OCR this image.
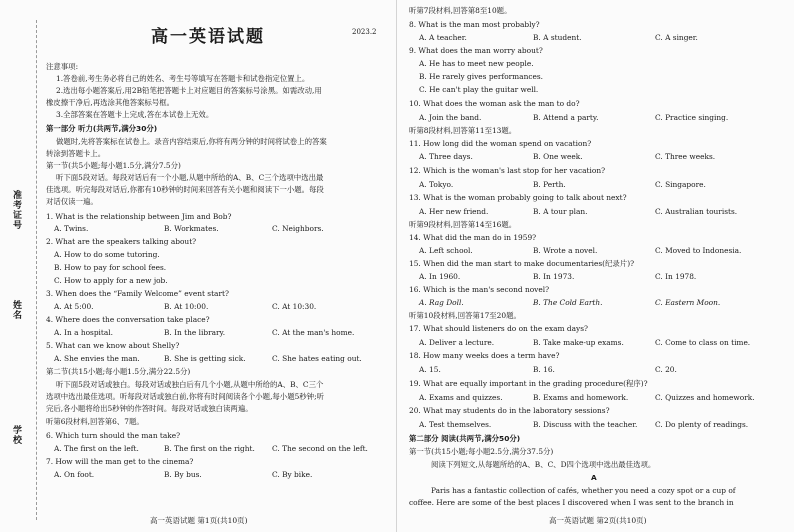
准考证号
姓名
学校
高一英语试题	2023.2
注意事项:
1.答卷前,考生务必将自己的姓名、考生号等填写在答题卡和试卷指定位置上。
2.选出每小题答案后,用2B铅笔把答题卡上对应题目的答案标号涂黑。如需改动,用
橡皮擦干净后,再选涂其他答案标号框。
3.全部答案在答题卡上完成,答在本试卷上无效。
第一部分 听力(共两节,满分30分)
做题时,先将答案标在试卷上。录音内容结束后,你将有两分钟的时间将试卷上的答案
转涂到答题卡上。
第一节(共5小题;每小题1.5分,满分7.5分)
听下面5段对话。每段对话后有一个小题,从题中所给的A、B、C三个选项中选出最
佳选项。听完每段对话后,你都有10秒钟的时间来回答有关小题和阅读下一小题。每段
对话仅读一遍。
1. What is the relationship between Jim and Bob?
A. Twins.	B. Workmates.	C. Neighbors.
2. What are the speakers talking about?
A. How to do some tutoring.
B. How to pay for school fees.
C. How to apply for a new job.
3. When does the “Family Welcome” event start?
A. At 5:00.	B. At 10:00.	C. At 10:30.
4. Where does the conversation take place?
A. In a hospital.	B. In the library.	C. At the man's home.
5. What can we know about Shelly?
A. She envies the man.	B. She is getting sick.	C. She hates eating out.
第二节(共15小题;每小题1.5分,满分22.5分)
听下面5段对话或独白。每段对话或独白后有几个小题,从题中所给的A、B、C三个
选项中选出最佳选项。听每段对话或独白前,你将有时间阅读各个小题,每小题5秒钟;听
完后,各小题将给出5秒钟的作答时间。每段对话或独白读两遍。
听第6段材料,回答第6、7题。
6. Which turn should the man take?
A. The first on the left.	B. The first on the right. C. The second on the left.
7. How will the man get to the cinema?
A. On foot.	B. By bus.	C. By bike.
高一英语试题 第1页(共10页)
听第7段材料,回答第8至10题。
8. What is the man most probably?
A. A teacher.	B. A student.	C. A singer.
9. What does the man worry about?
A. He has to meet new people.
B. He rarely gives performances.
C. He can't play the guitar well.
10. What does the woman ask the man to do?
A. Join the band.	B. Attend a party.	C. Practice singing.
听第8段材料,回答第11至13题。
11. How long did the woman spend on vacation?
A. Three days.	B. One week.	C. Three weeks.
12. Which is the woman's last stop for her vacation?
A. Tokyo.	B. Perth.	C. Singapore.
13. What is the woman probably going to talk about next?
A. Her new friend.	B. A tour plan.	C. Australian tourists.
听第9段材料,回答第14至16题。
14. What did the man do in 1959?
A. Left school.	B. Wrote a novel.	C. Moved to Indonesia.
15. When did the man start to make documentaries(纪录片)?
A. In 1960.	B. In 1973.	C. In 1978.
16. Which is the man's second novel?
A. Rag Doll.	B. The Cold Earth.	C. Eastern Moon.
听第10段材料,回答第17至20题。
17. What should listeners do on the exam days?
A. Deliver a lecture.	B. Take make-up exams.	C. Come to class on time.
18. How many weeks does a term have?
A. 15.	B. 16.	C. 20.
19. What are equally important in the grading procedure(程序)?
A. Exams and quizzes.	B. Exams and homework.	C. Quizzes and homework.
20. What may students do in the laboratory sessions?
A. Test themselves.	B. Discuss with the teacher. C. Do plenty of readings.
第二部分 阅读(共两节,满分50分)
第一节(共15小题;每小题2.5分,满分37.5分)
阅读下列短文,从每题所给的A、B、C、D四个选项中选出最佳选项。
A
Paris has a fantastic collection of cafés, whether you need a cozy spot or a cup of
coffee. Here are some of the best places I discovered when I was sent to the branch in
高一英语试题 第2页(共10页)
